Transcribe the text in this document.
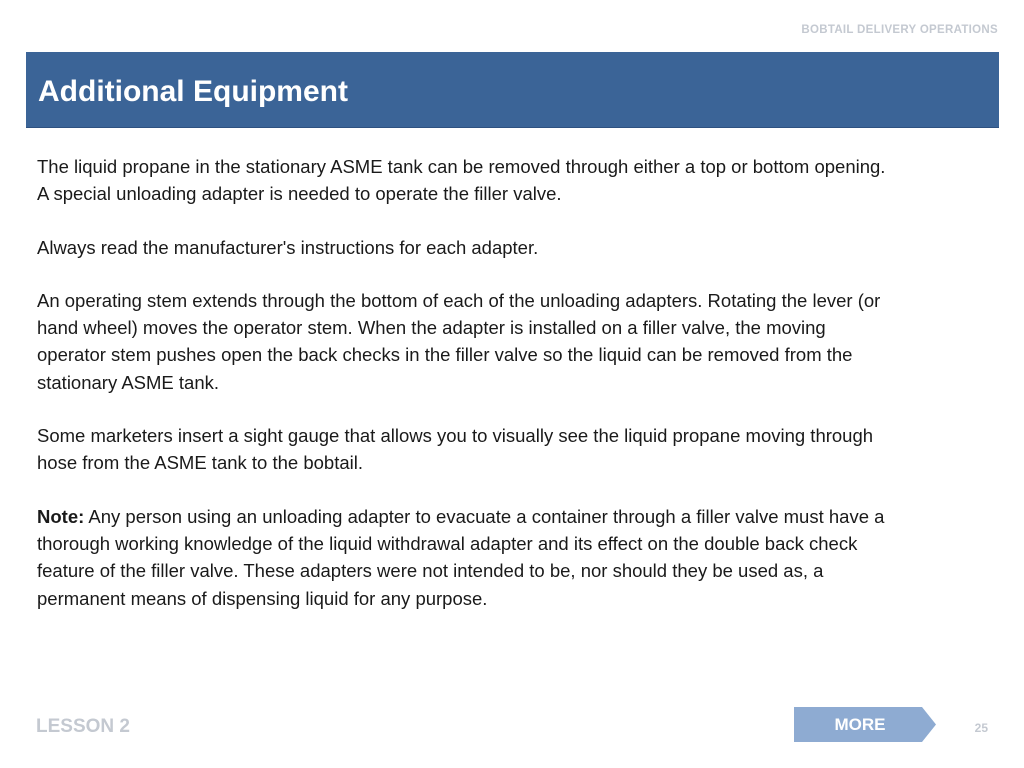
BOBTAIL DELIVERY OPERATIONS
Additional Equipment

The liquid propane in the stationary ASME tank can be removed through either a top or bottom opening. A special unloading adapter is needed to operate the filler valve.

Always read the manufacturer's instructions for each adapter.

An operating stem extends through the bottom of each of the unloading adapters. Rotating the lever (or hand wheel) moves the operator stem. When the adapter is installed on a filler valve, the moving operator stem pushes open the back checks in the filler valve so the liquid can be removed from the stationary ASME tank.

Some marketers insert a sight gauge that allows you to visually see the liquid propane moving through hose from the ASME tank to the bobtail.

Note: Any person using an unloading adapter to evacuate a container through a filler valve must have a thorough working knowledge of the liquid withdrawal adapter and its effect on the double back check feature of the filler valve. These adapters were not intended to be, nor should they be used as, a permanent means of dispensing liquid for any purpose.

LESSON 2	MORE	25
